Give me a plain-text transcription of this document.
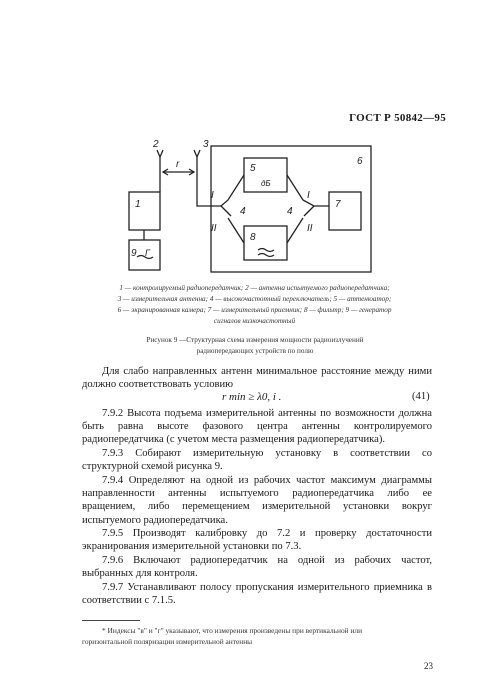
ГОСТ Р 50842—95
2	3
r	6
1
5
дБ
7
8
9 Г
I
II
4
I
II
4
1 — контролируемый радиопередатчик; 2 — антенна испытуемого радиопередатчика;
3 — измерительная антенна; 4 — высокочастотный переключатель; 5 — аттенюатор;
6 — экранированная камера; 7 — измерительный приемник; 8 — фильтр; 9 — генератор
сигналов низкочастотный
Рисунок 9 —Структурная схема измерения мощности радиоизлучений
радиопередающих устройств по полю
Для слабо направленных антенн минимальное расстояние между ними должно соответствовать условию
r min ≥ λ0, i .	(41)
7.9.2 Высота подъема измерительной антенны по возможности должна быть равна высоте фазового центра антенны контролируемого радиопередатчика (с учетом места размещения радиопередатчика).
7.9.3 Собирают измерительную установку в соответствии со структурной схемой рисунка 9.
7.9.4 Определяют на одной из рабочих частот максимум диаграммы направленности антенны испытуемого радиопередатчика либо ее вращением, либо перемещением измерительной установки вокруг испытуемого радиопередатчика.
7.9.5 Производят калибровку до 7.2 и проверку достаточности экранирования измерительной установки по 7.3.
7.9.6 Включают радиопередатчик на одной из рабочих частот, выбранных для контроля.
7.9.7 Устанавливают полосу пропускания измерительного приемника в соответствии с 7.1.5.
* Индексы "в" и "г" указывают, что измерения произведены при вертикальной или
горизонтальной поляризации измерительной антенны
23
